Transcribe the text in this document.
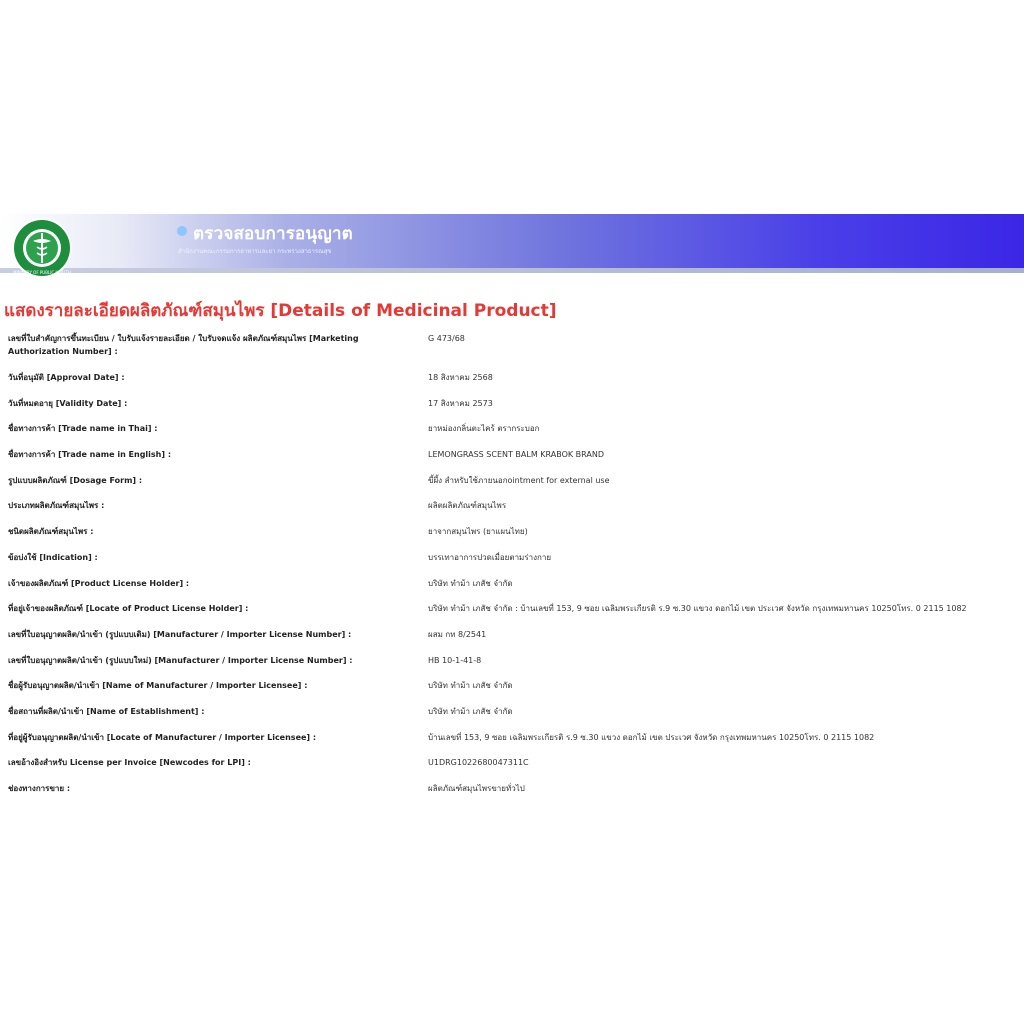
MINISTRY OF PUBLIC HEALTH
ตรวจสอบการอนุญาต
สำนักงานคณะกรรมการอาหารและยา กระทรวงสาธารณสุข
แสดงรายละเอียดผลิตภัณฑ์สมุนไพร [Details of Medicinal Product]
เลขที่ใบสำคัญการขึ้นทะเบียน / ใบรับแจ้งรายละเอียด / ใบรับจดแจ้ง ผลิตภัณฑ์สมุนไพร [Marketing Authorization Number] :
G 473/68
วันที่อนุมัติ [Approval Date] :	18 สิงหาคม 2568
วันที่หมดอายุ [Validity Date] :	17 สิงหาคม 2573
ชื่อทางการค้า [Trade name in Thai] :	ยาหม่องกลิ่นตะไคร้ ตรากระบอก
ชื่อทางการค้า [Trade name in English] :	LEMONGRASS SCENT BALM KRABOK BRAND
รูปแบบผลิตภัณฑ์ [Dosage Form] :	ขี้ผึ้ง สำหรับใช้ภายนอกointment for external use
ประเภทผลิตภัณฑ์สมุนไพร :	ผลิตผลิตภัณฑ์สมุนไพร
ชนิดผลิตภัณฑ์สมุนไพร :	ยาจากสมุนไพร (ยาแผนไทย)
ข้อบ่งใช้ [Indication] :	บรรเทาอาการปวดเมื่อยตามร่างกาย
เจ้าของผลิตภัณฑ์ [Product License Holder] :	บริษัท ทำม้า เภสัช จำกัด
ที่อยู่เจ้าของผลิตภัณฑ์ [Locate of Product License Holder] :	บริษัท ทำม้า เภสัช จำกัด : บ้านเลขที่ 153, 9 ซอย เฉลิมพระเกียรติ ร.9 ซ.30 แขวง ดอกไม้ เขต ประเวศ จังหวัด กรุงเทพมหานคร 10250โทร. 0 2115 1082
เลขที่ใบอนุญาตผลิต/นำเข้า (รูปแบบเดิม) [Manufacturer / Importer License Number] :	ผสม กท 8/2541
เลขที่ใบอนุญาตผลิต/นำเข้า (รูปแบบใหม่) [Manufacturer / Importer License Number] :	HB 10-1-41-8
ชื่อผู้รับอนุญาตผลิต/นำเข้า [Name of Manufacturer / Importer Licensee] :	บริษัท ทำม้า เภสัช จำกัด
ชื่อสถานที่ผลิต/นำเข้า [Name of Establishment] :	บริษัท ทำม้า เภสัช จำกัด
ที่อยู่ผู้รับอนุญาตผลิต/นำเข้า [Locate of Manufacturer / Importer Licensee] :	บ้านเลขที่ 153, 9 ซอย เฉลิมพระเกียรติ ร.9 ซ.30 แขวง ดอกไม้ เขต ประเวศ จังหวัด กรุงเทพมหานคร 10250โทร. 0 2115 1082
เลขอ้างอิงสำหรับ License per Invoice [Newcodes for LPI] :	U1DRG1022680047311C
ช่องทางการขาย :	ผลิตภัณฑ์สมุนไพรขายทั่วไป
